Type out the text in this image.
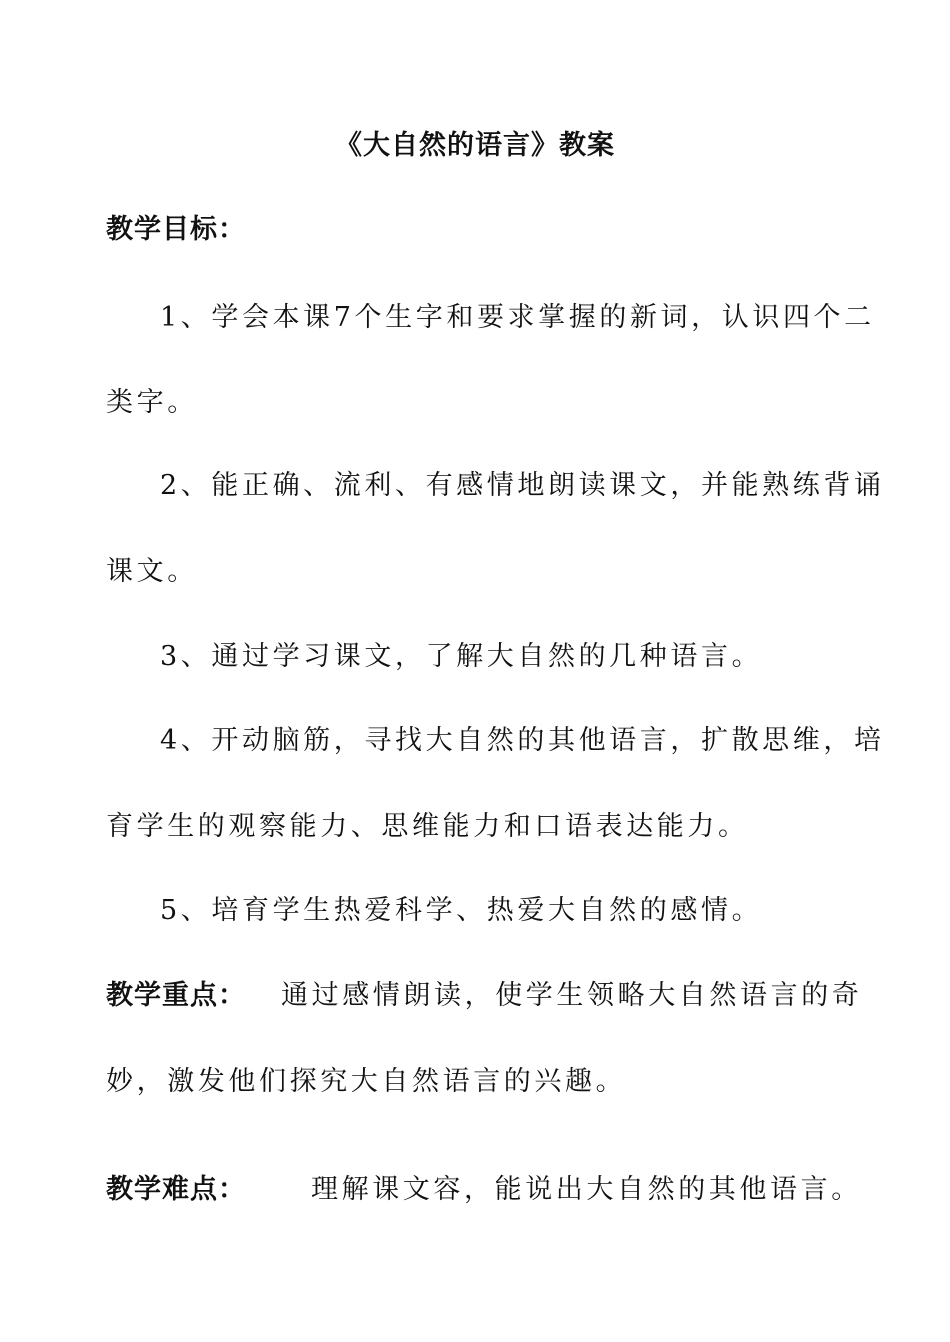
《大自然的语言》教案
教学目标：
1、学会本课7个生字和要求掌握的新词，认识四个二
类字。
2、能正确、流利、有感情地朗读课文，并能熟练背诵
课文。
3、通过学习课文，了解大自然的几种语言。
4、开动脑筋，寻找大自然的其他语言，扩散思维，培
育学生的观察能力、思维能力和口语表达能力。
5、培育学生热爱科学、热爱大自然的感情。
教学重点： 通过感情朗读，使学生领略大自然语言的奇
妙，激发他们探究大自然语言的兴趣。
教学难点： 理解课文容，能说出大自然的其他语言。
